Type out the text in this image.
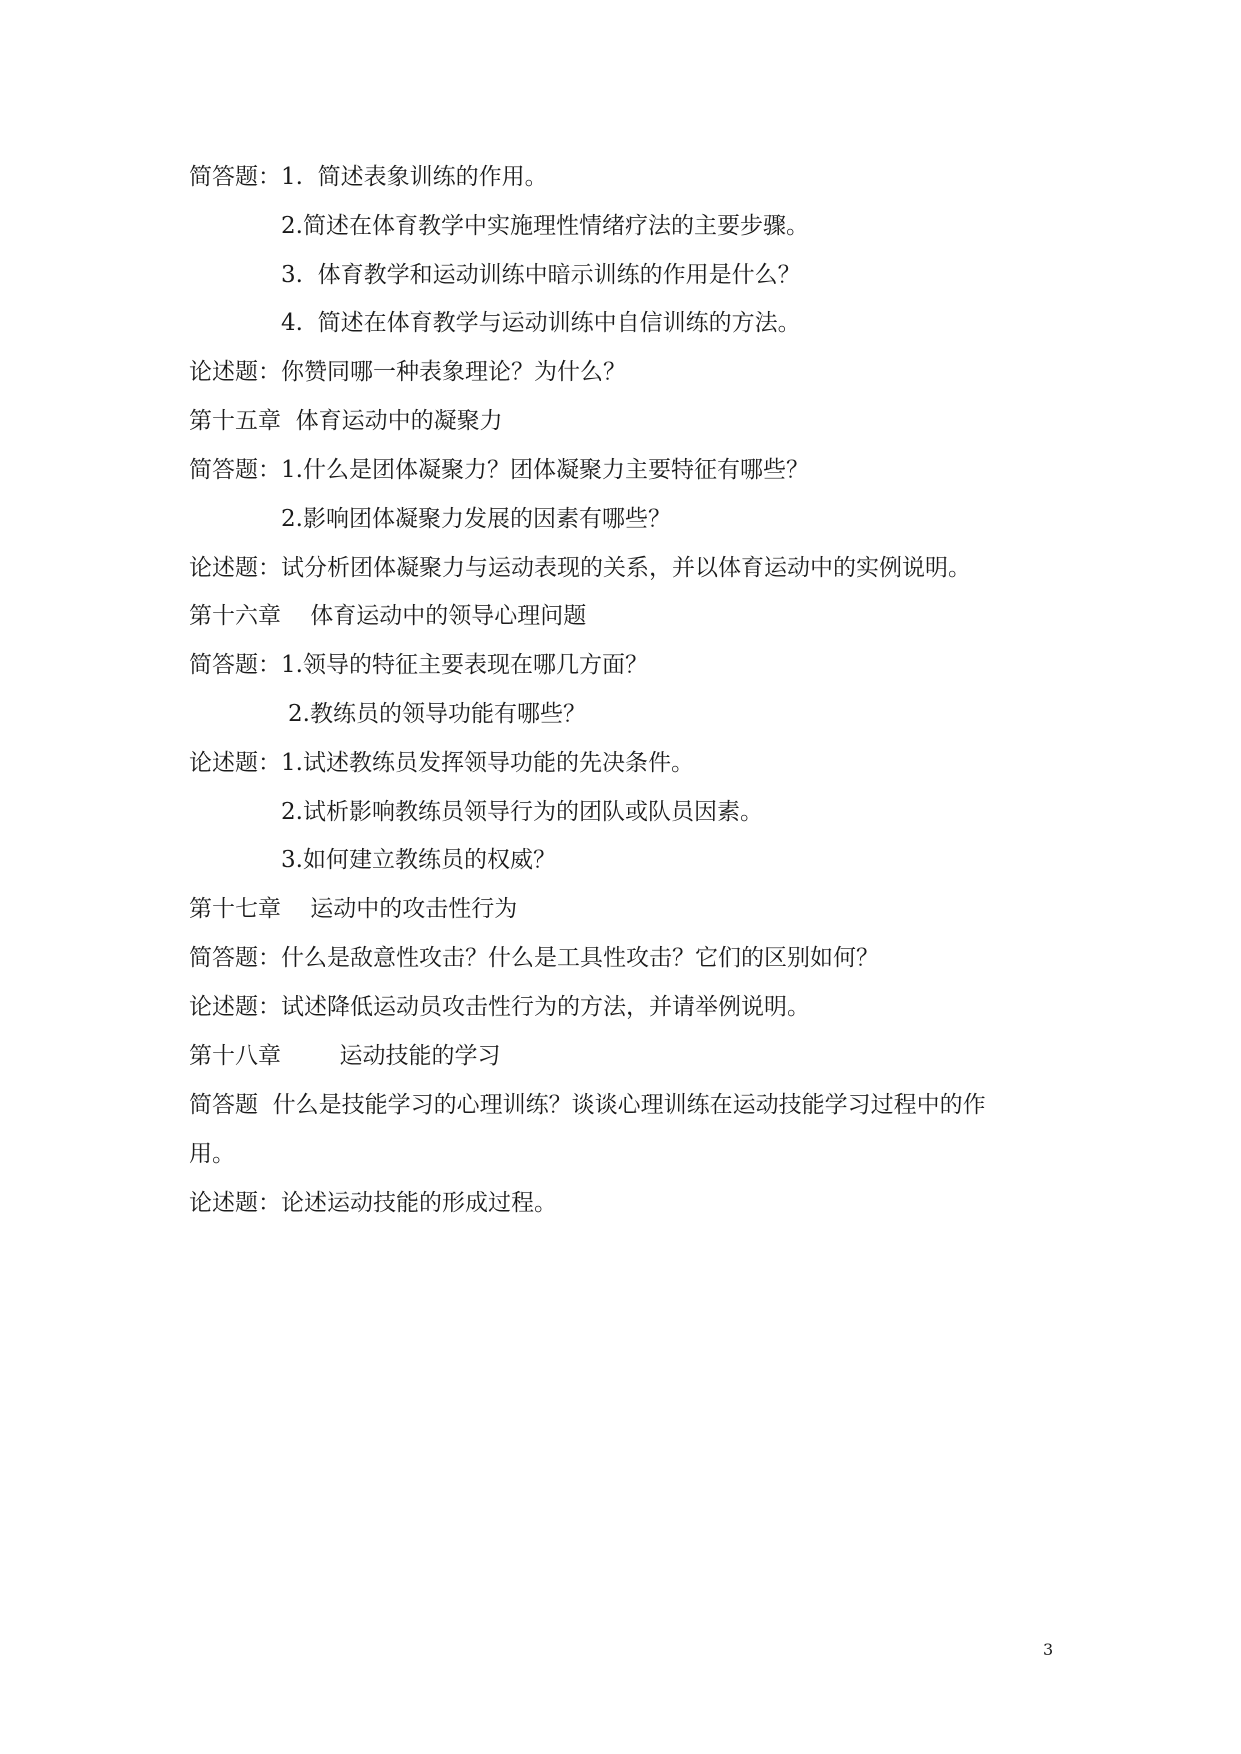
简答题：1.  简述表象训练的作用。
2.简述在体育教学中实施理性情绪疗法的主要步骤。
3.  体育教学和运动训练中暗示训练的作用是什么？
4.  简述在体育教学与运动训练中自信训练的方法。
论述题：你赞同哪一种表象理论？为什么？
第十五章  体育运动中的凝聚力
简答题：1.什么是团体凝聚力？团体凝聚力主要特征有哪些？
2.影响团体凝聚力发展的因素有哪些？
论述题：试分析团体凝聚力与运动表现的关系，并以体育运动中的实例说明。
第十六章    体育运动中的领导心理问题
简答题：1.领导的特征主要表现在哪几方面？
2.教练员的领导功能有哪些？
论述题：1.试述教练员发挥领导功能的先决条件。
2.试析影响教练员领导行为的团队或队员因素。
3.如何建立教练员的权威？
第十七章    运动中的攻击性行为
简答题：什么是敌意性攻击？什么是工具性攻击？它们的区别如何？
论述题：试述降低运动员攻击性行为的方法，并请举例说明。
第十八章        运动技能的学习
简答题  什么是技能学习的心理训练？谈谈心理训练在运动技能学习过程中的作
用。
论述题：论述运动技能的形成过程。
3
